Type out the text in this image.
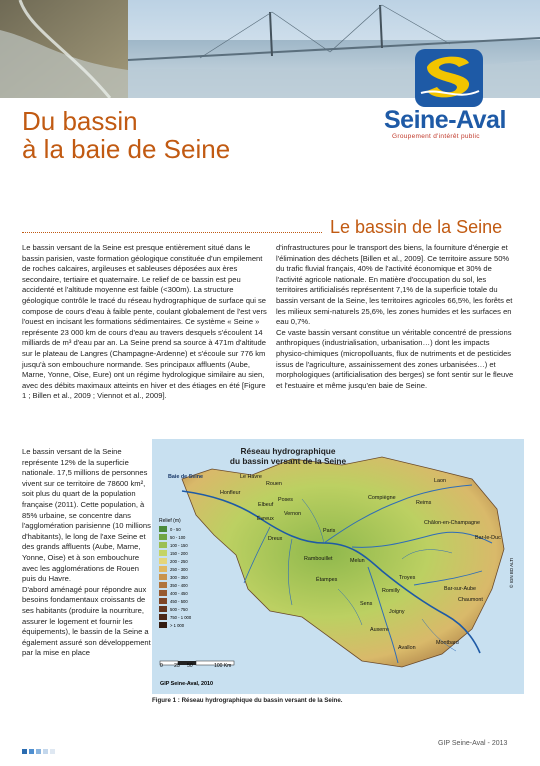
Seine-Aval
Groupement d'intérêt public
Du bassin
à la baie de Seine
Le bassin de la Seine

Le bassin versant de la Seine est presque entièrement situé dans le bassin parisien, vaste formation géologique constituée d'un empilement de roches calcaires, argileuses et sableuses déposées aux ères secondaire, tertiaire et quaternaire. Le relief de ce bassin est peu accidenté et l'altitude moyenne est faible (<300m). La structure géologique contrôle le tracé du réseau hydrographique de surface qui se compose de cours d'eau à faible pente, coulant globalement de l'est vers l'ouest en incisant les formations sédimentaires. Ce système « Seine » représente 23 000 km de cours d'eau au travers desquels s'écoulent 14 milliards de m³ d'eau par an. La Seine prend sa source à 471m d'altitude sur le plateau de Langres (Champagne-Ardenne) et s'écoule sur 776 km jusqu'à son embouchure normande. Ses principaux affluents (Aube, Marne, Yonne, Oise, Eure) ont un régime hydrologique similaire au sien, avec des débits maximaux atteints en hiver et des étiages en été [Figure 1 ; Billen et al., 2009 ; Viennot et al., 2009].

d'infrastructures pour le transport des biens, la fourniture d'énergie et l'élimination des déchets [Billen et al., 2009]. Ce territoire assure 50% du trafic fluvial français, 40% de l'activité économique et 30% de l'activité agricole nationale. En matière d'occupation du sol, les territoires artificialisés représentent 7,1% de la superficie totale du bassin versant de la Seine, les territoires agricoles 66,5%, les forêts et les milieux semi-naturels 25,6%, les zones humides et les surfaces en eau 0,7%.

Ce vaste bassin versant constitue un véritable concentré de pressions anthropiques (industrialisation, urbanisation…) dont les impacts physico-chimiques (micropolluants, flux de nutriments et de pesticides issus de l'agriculture, assainissement des zones urbanisées…) et morphologiques (artificialisation des berges) se font sentir sur le fleuve et l'estuaire et même jusqu'en baie de Seine.

Le bassin versant de la Seine représente 12% de la superficie nationale. 17,5 millions de personnes vivent sur ce territoire de 78600 km², soit plus du quart de la population française (2011). Cette population, à 85% urbaine, se concentre dans l'agglomération parisienne (10 millions d'habitants), le long de l'axe Seine et des grands affluents (Aube, Marne, Yonne, Oise) et à son embouchure avec les agglomérations de Rouen puis du Havre.

D'abord aménagé pour répondre aux besoins fondamentaux croissants de ses habitants (produire la nourriture, assurer le logement et fournir les équipements), le bassin de la Seine a également assuré son développement par la mise en place

Réseau hydrographique
du bassin versant de la Seine
Baie de Seine	Le Havre
Honfleur
Rouen
Elbeuf
Poses
Évreux
Vernon
Dreux
Paris
Compiègne
Laon
Reims
Châlon-en-Champagne
Bar-le-Duc
Rambouillet	Melun
Étampes	Troyes
Sens
Joigny
Auxerre
Avallon
Chaumont
Montbard
Romilly	Bar-sur-Aube
Relief (m)
0 - 50
50 - 100
100 - 150
150 - 200
200 - 250
250 - 300
300 - 350
350 - 400
400 - 450
450 - 500
500 - 750
750 - 1 000
> 1 000
0 25 50	100 Km
GIP Seine-Aval, 2010
© IGN BD ALTI
Figure 1 : Réseau hydrographique du bassin versant de la Seine.
GIP Seine-Aval - 2013
